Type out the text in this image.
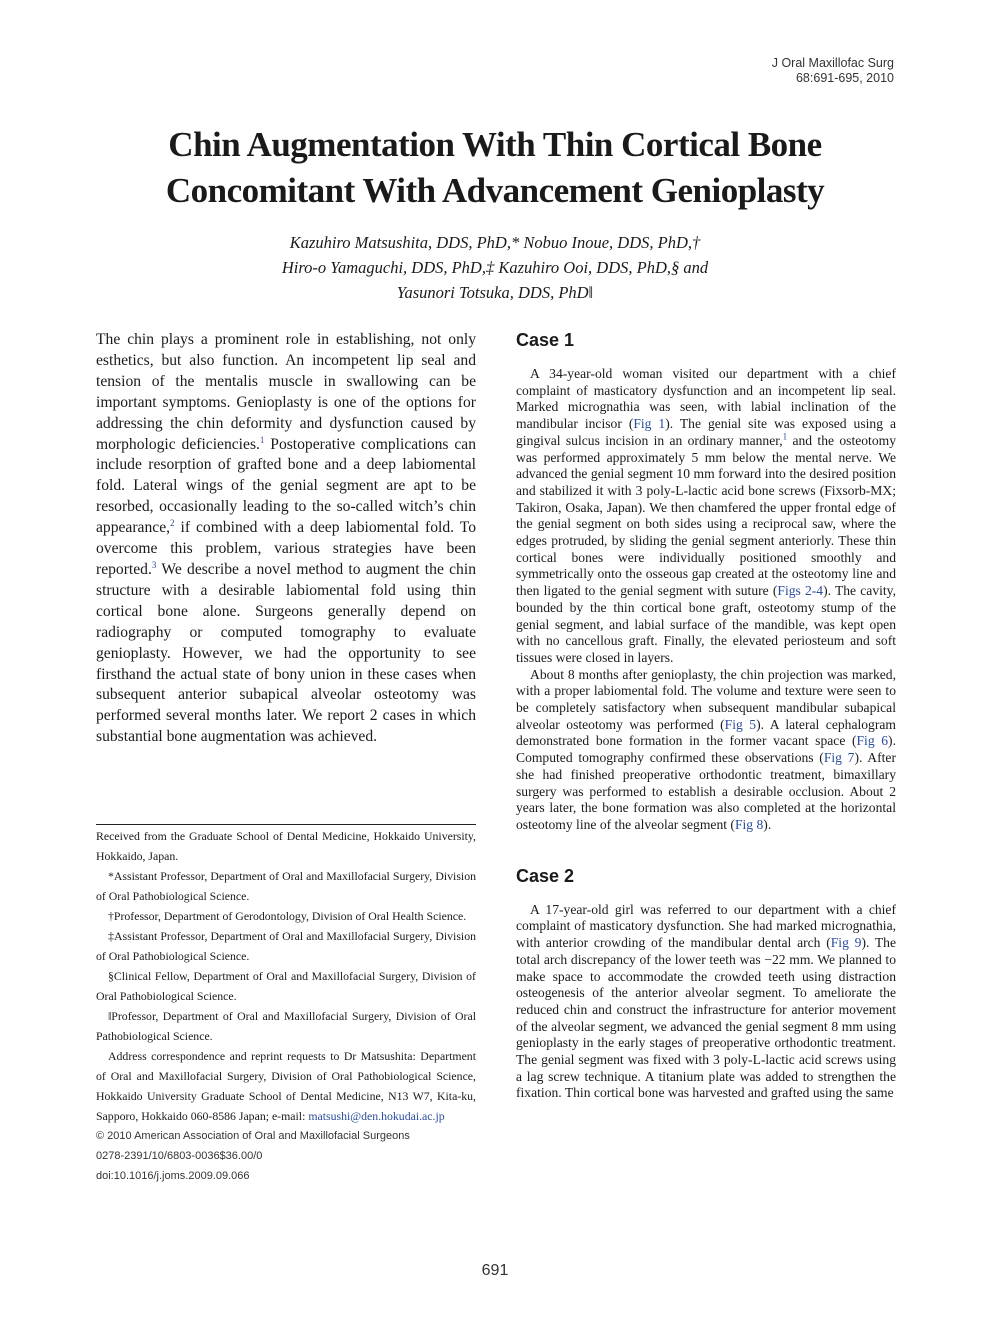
J Oral Maxillofac Surg
68:691-695, 2010
Chin Augmentation With Thin Cortical Bone
Concomitant With Advancement Genioplasty
Kazuhiro Matsushita, DDS, PhD,* Nobuo Inoue, DDS, PhD,†
Hiro-o Yamaguchi, DDS, PhD,‡ Kazuhiro Ooi, DDS, PhD,§ and
Yasunori Totsuka, DDS, PhD‖

The chin plays a prominent role in establishing, not only esthetics, but also function. An incompetent lip seal and tension of the mentalis muscle in swallowing can be important symptoms. Genioplasty is one of the options for addressing the chin deformity and dysfunction caused by morphologic deficiencies.$^1$ Postoperative complications can include resorption of grafted bone and a deep labiomental fold. Lateral wings of the genial segment are apt to be resorbed, occasionally leading to the so-called witch’s chin appearance,$^2$ if combined with a deep labiomental fold. To overcome this problem, various strategies have been reported.$^3$ We describe a novel method to augment the chin structure with a desirable labiomental fold using thin cortical bone alone. Surgeons generally depend on radiography or computed tomography to evaluate genioplasty. However, we had the opportunity to see firsthand the actual state of bony union in these cases when subsequent anterior subapical alveolar osteotomy was performed several months later. We report 2 cases in which substantial bone augmentation was achieved.

Received from the Graduate School of Dental Medicine, Hokkaido University, Hokkaido, Japan.

*Assistant Professor, Department of Oral and Maxillofacial Surgery, Division of Oral Pathobiological Science.

†Professor, Department of Gerodontology, Division of Oral Health Science.

‡Assistant Professor, Department of Oral and Maxillofacial Surgery, Division of Oral Pathobiological Science.

§Clinical Fellow, Department of Oral and Maxillofacial Surgery, Division of Oral Pathobiological Science.

‖Professor, Department of Oral and Maxillofacial Surgery, Division of Oral Pathobiological Science.

Address correspondence and reprint requests to Dr Matsushita: Department of Oral and Maxillofacial Surgery, Division of Oral Pathobiological Science, Hokkaido University Graduate School of Dental Medicine, N13 W7, Kita-ku, Sapporo, Hokkaido 060-8586 Japan; e-mail: matsushi@den.hokudai.ac.jp

© 2010 American Association of Oral and Maxillofacial Surgeons

0278-2391/10/6803-0036$36.00/0

doi:10.1016/j.joms.2009.09.066

Case 1

A 34-year-old woman visited our department with a chief complaint of masticatory dysfunction and an incompetent lip seal. Marked micrognathia was seen, with labial inclination of the mandibular incisor (Fig 1). The genial site was exposed using a gingival sulcus incision in an ordinary manner,$^1$ and the osteotomy was performed approximately 5 mm below the mental nerve. We advanced the genial segment 10 mm forward into the desired position and stabilized it with 3 poly-L-lactic acid bone screws (Fixsorb-MX; Takiron, Osaka, Japan). We then chamfered the upper frontal edge of the genial segment on both sides using a reciprocal saw, where the edges protruded, by sliding the genial segment anteriorly. These thin cortical bones were individually positioned smoothly and symmetrically onto the osseous gap created at the osteotomy line and then ligated to the genial segment with suture (Figs 2-4). The cavity, bounded by the thin cortical bone graft, osteotomy stump of the genial segment, and labial surface of the mandible, was kept open with no cancellous graft. Finally, the elevated periosteum and soft tissues were closed in layers.

About 8 months after genioplasty, the chin projection was marked, with a proper labiomental fold. The volume and texture were seen to be completely satisfactory when subsequent mandibular subapical alveolar osteotomy was performed (Fig 5). A lateral cephalogram demonstrated bone formation in the former vacant space (Fig 6). Computed tomography confirmed these observations (Fig 7). After she had finished preoperative orthodontic treatment, bimaxillary surgery was performed to establish a desirable occlusion. About 2 years later, the bone formation was also completed at the horizontal osteotomy line of the alveolar segment (Fig 8).

Case 2

A 17-year-old girl was referred to our department with a chief complaint of masticatory dysfunction. She had marked micrognathia, with anterior crowding of the mandibular dental arch (Fig 9). The total arch discrepancy of the lower teeth was −22 mm. We planned to make space to accommodate the crowded teeth using distraction osteogenesis of the anterior alveolar segment. To ameliorate the reduced chin and construct the infrastructure for anterior movement of the alveolar segment, we advanced the genial segment 8 mm using genioplasty in the early stages of preoperative orthodontic treatment. The genial segment was fixed with 3 poly-L-lactic acid screws using a lag screw technique. A titanium plate was added to strengthen the fixation. Thin cortical bone was harvested and grafted using the same

691
